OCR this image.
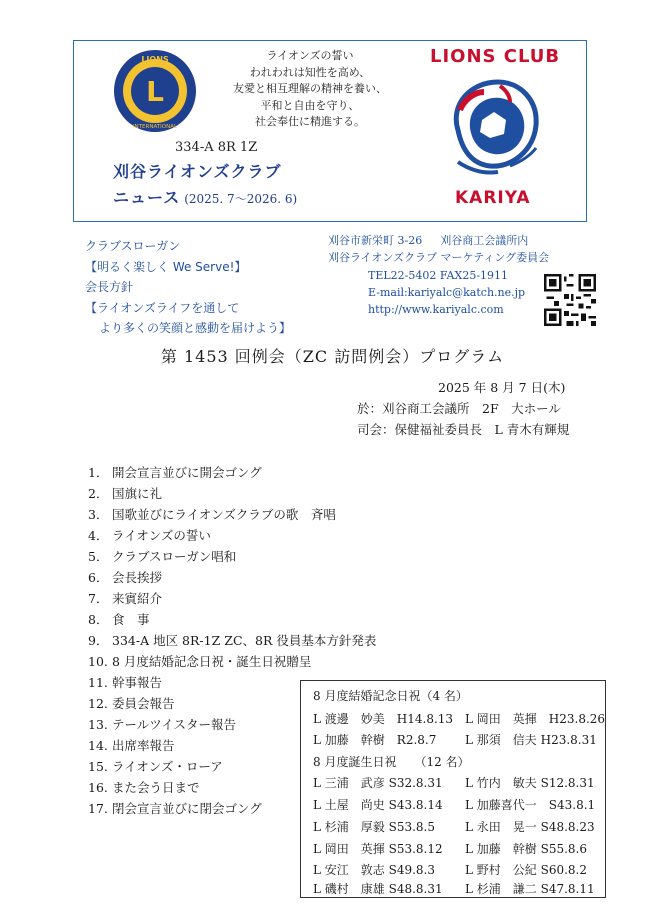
LIONS
L
INTERNATIONAL
ライオンズの誓い
われわれは知性を高め、
友愛と相互理解の精神を養い、
平和と自由を守り、
社会奉仕に精進する。
334-A 8R 1Z
刈谷ライオンズクラブ
ニュース (2025. 7～2026. 6)
LIONS CLUB
KARIYA
クラブスローガン
【明るく楽しく We Serve!】
会長方針
【ライオンズライフを通して
より多くの笑顔と感動を届けよう】
刈谷市新栄町 3-26 刈谷商工会議所内
刈谷ライオンズクラブ マーケティング委員会
TEL22-5402 FAX25-1911
E-mail:kariyalc@katch.ne.jp
http://www.kariyalc.com
第 1453 回例会（ZC 訪問例会）プログラム
2025 年 8 月 7 日(木)
於：刈谷商工会議所　2F　大ホール
司会：保健福祉委員長　L 青木有輝規
1． 開会宣言並びに開会ゴング
2． 国旗に礼
3． 国歌並びにライオンズクラブの歌　斉唱
4． ライオンズの誓い
5． クラブスローガン唱和
6． 会長挨拶
7． 来賓紹介
8． 食　事
9． 334-A 地区 8R-1Z ZC、8R 役員基本方針発表
10. 8 月度結婚記念日祝・誕生日祝贈呈
11. 幹事報告
12. 委員会報告
13. テールツイスター報告
14. 出席率報告
15. ライオンズ・ローア
16. また会う日まで
17. 閉会宣言並びに閉会ゴング
8 月度結婚記念日祝（4 名）
L 渡邊　妙美　H14.8.13 L 岡田　英揮　H23.8.26
L 加藤　幹樹　R2.8.7 L 那須　信夫 H23.8.31
8 月度誕生日祝　　（12 名）
L 三浦　武彦 S32.8.31 L 竹内　敏夫 S12.8.31
L 土屋　尚史 S43.8.14 L 加藤喜代一　S43.8.1
L 杉浦　厚毅 S53.8.5	L 永田　晃一 S48.8.23
L 岡田　英揮 S53.8.12 L 加藤　幹樹 S55.8.6
L 安江　敦志 S49.8.3	L 野村　公紀 S60.8.2
L 磯村　康雄 S48.8.31 L 杉浦　謙二 S47.8.11
